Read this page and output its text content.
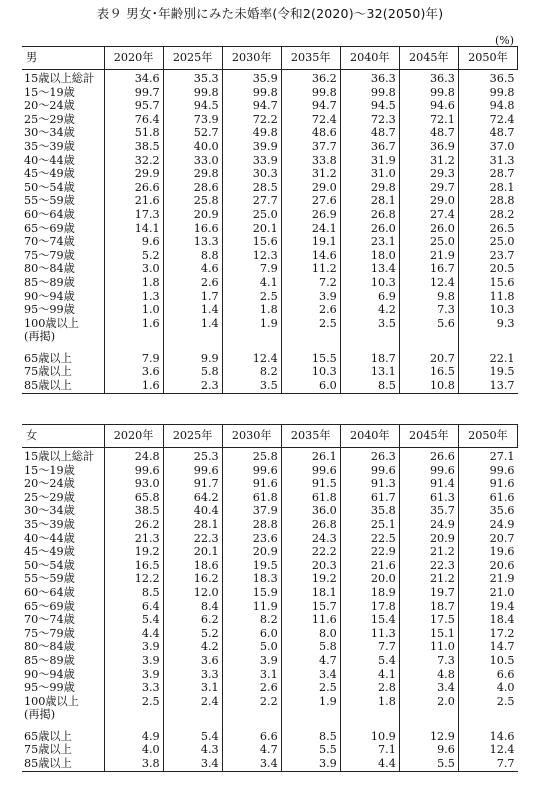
表９ 男女･年齢別にみた未婚率(令和2(2020)～32(2050)年)
(%)
男	2020年	2025年	2030年	2035年	2040年	2045年	2050年
15歳以上総計	34.6	35.3	35.9	36.2	36.3	36.3	36.5
15～19歳	99.7	99.8	99.8	99.8	99.8	99.8	99.8
20～24歳	95.7	94.5	94.7	94.7	94.5	94.6	94.8
25～29歳	76.4	73.9	72.2	72.4	72.3	72.1	72.4
30～34歳	51.8	52.7	49.8	48.6	48.7	48.7	48.7
35～39歳	38.5	40.0	39.9	37.7	36.7	36.9	37.0
40～44歳	32.2	33.0	33.9	33.8	31.9	31.2	31.3
45～49歳	29.9	29.8	30.3	31.2	31.0	29.3	28.7
50～54歳	26.6	28.6	28.5	29.0	29.8	29.7	28.1
55～59歳	21.6	25.8	27.7	27.6	28.1	29.0	28.8
60～64歳	17.3	20.9	25.0	26.9	26.8	27.4	28.2
65～69歳	14.1	16.6	20.1	24.1	26.0	26.0	26.5
70～74歳	9.6	13.3	15.6	19.1	23.1	25.0	25.0
75～79歳	5.2	8.8	12.3	14.6	18.0	21.9	23.7
80～84歳	3.0	4.6	7.9	11.2	13.4	16.7	20.5
85～89歳	1.8	2.6	4.1	7.2	10.3	12.4	15.6
90～94歳	1.3	1.7	2.5	3.9	6.9	9.8	11.8
95～99歳	1.0	1.4	1.8	2.6	4.2	7.3	10.3
100歳以上	1.6	1.4	1.9	2.5	3.5	5.6	9.3
(再掲)							

65歳以上	7.9	9.9	12.4	15.5	18.7	20.7	22.1
75歳以上	3.6	5.8	8.2	10.3	13.1	16.5	19.5
85歳以上	1.6	2.3	3.5	6.0	8.5	10.8	13.7
女	2020年	2025年	2030年	2035年	2040年	2045年	2050年
15歳以上総計	24.8	25.3	25.8	26.1	26.3	26.6	27.1
15～19歳	99.6	99.6	99.6	99.6	99.6	99.6	99.6
20～24歳	93.0	91.7	91.6	91.5	91.3	91.4	91.6
25～29歳	65.8	64.2	61.8	61.8	61.7	61.3	61.6
30～34歳	38.5	40.4	37.9	36.0	35.8	35.7	35.6
35～39歳	26.2	28.1	28.8	26.8	25.1	24.9	24.9
40～44歳	21.3	22.3	23.6	24.3	22.5	20.9	20.7
45～49歳	19.2	20.1	20.9	22.2	22.9	21.2	19.6
50～54歳	16.5	18.6	19.5	20.3	21.6	22.3	20.6
55～59歳	12.2	16.2	18.3	19.2	20.0	21.2	21.9
60～64歳	8.5	12.0	15.9	18.1	18.9	19.7	21.0
65～69歳	6.4	8.4	11.9	15.7	17.8	18.7	19.4
70～74歳	5.4	6.2	8.2	11.6	15.4	17.5	18.4
75～79歳	4.4	5.2	6.0	8.0	11.3	15.1	17.2
80～84歳	3.9	4.2	5.0	5.8	7.7	11.0	14.7
85～89歳	3.9	3.6	3.9	4.7	5.4	7.3	10.5
90～94歳	3.9	3.3	3.1	3.4	4.1	4.8	6.6
95～99歳	3.3	3.1	2.6	2.5	2.8	3.4	4.0
100歳以上	2.5	2.4	2.2	1.9	1.8	2.0	2.5
(再掲)							

65歳以上	4.9	5.4	6.6	8.5	10.9	12.9	14.6
75歳以上	4.0	4.3	4.7	5.5	7.1	9.6	12.4
85歳以上	3.8	3.4	3.4	3.9	4.4	5.5	7.7
